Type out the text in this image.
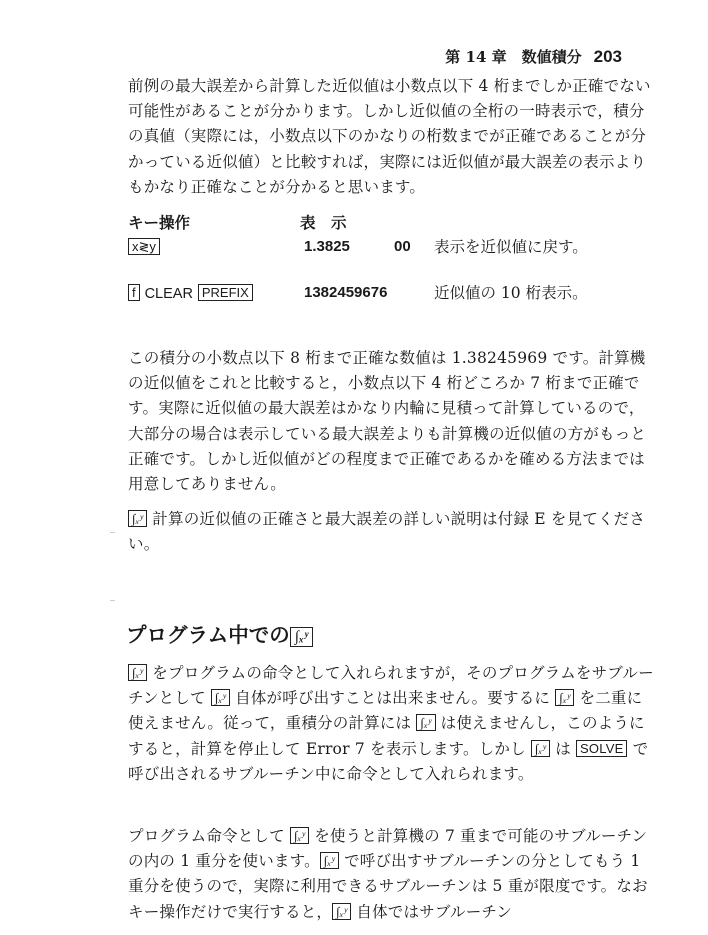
第 14 章　数値積分 203
前例の最大誤差から計算した近似値は小数点以下 4 桁までしか正確でない可能性があることが分かります。しかし近似値の全桁の一時表示で，積分の真値（実際には，小数点以下のかなりの桁数までが正確であることが分かっている近似値）と比較すれば，実際には近似値が最大誤差の表示よりもかなり正確なことが分かると思います。
キー操作	表　示
x≷y	1.3825	00 表示を近似値に戻す。
f CLEAR PREFIX	1382459676	近似値の 10 桁表示。
この積分の小数点以下 8 桁まで正確な数値は 1.38245969 です。計算機の近似値をこれと比較すると，小数点以下 4 桁どころか 7 桁まで正確です。実際に近似値の最大誤差はかなり内輪に見積って計算しているので，大部分の場合は表示している最大誤差よりも計算機の近似値の方がもっと正確です。しかし近似値がどの程度まで正確であるかを確める方法までは用意してありません。
∫ₓʸ 計算の近似値の正確さと最大誤差の詳しい説明は付録 E を見てください。
プログラム中での ∫ₓʸ
∫ₓʸ をプログラムの命令として入れられますが，そのプログラムをサブルーチンとして ∫ₓʸ 自体が呼び出すことは出来ません。要するに ∫ₓʸ を二重に使えません。従って，重積分の計算には ∫ₓʸ は使えませんし，このようにすると，計算を停止して Error 7 を表示します。しかし ∫ₓʸ は SOLVE で呼び出されるサブルーチン中に命令として入れられます。
プログラム命令として ∫ₓʸ を使うと計算機の 7 重まで可能のサブルーチンの内の 1 重分を使います。 ∫ₓʸ で呼び出すサブルーチンの分としてもう 1 重分を使うので，実際に利用できるサブルーチンは 5 重が限度です。なおキー操作だけで実行すると， ∫ₓʸ 自体ではサブルーチン
